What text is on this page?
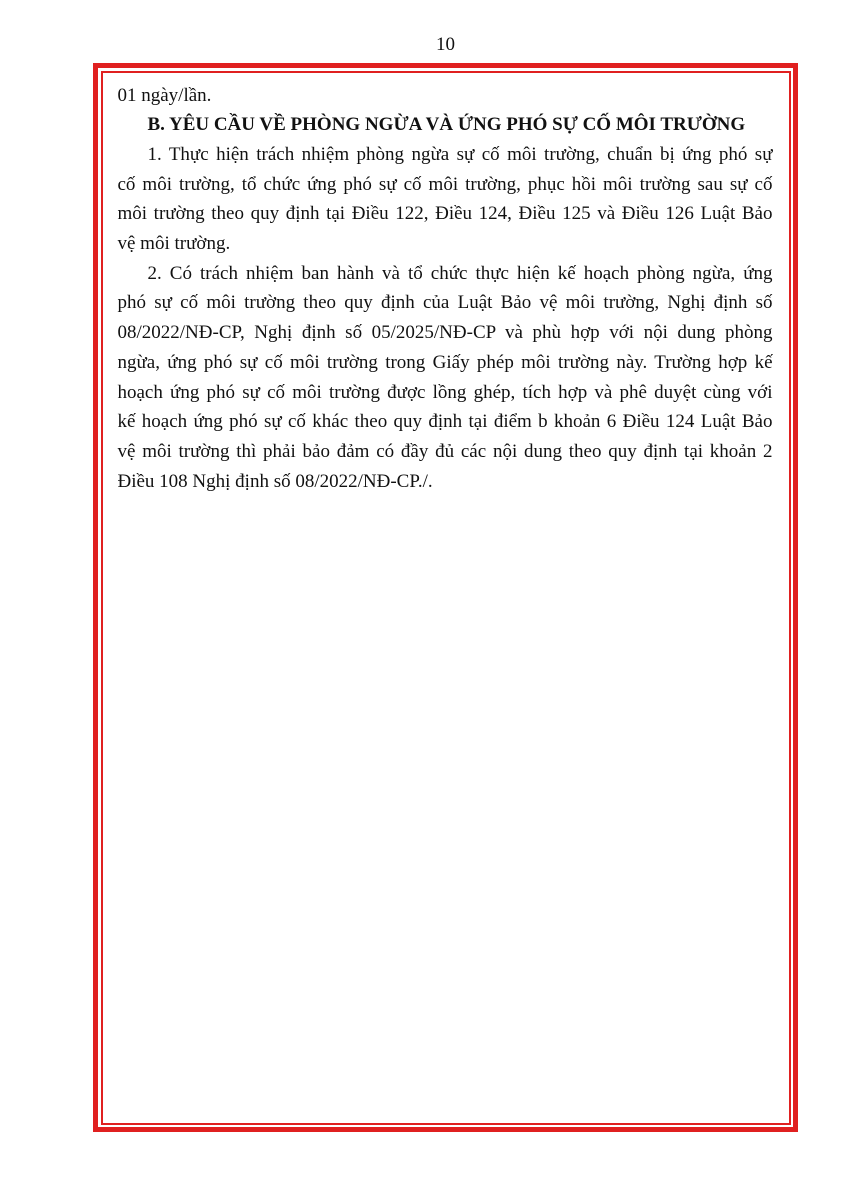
10
01 ngày/lần.
B. YÊU CẦU VỀ PHÒNG NGỪA VÀ ỨNG PHÓ SỰ CỐ MÔI TRƯỜNG
1. Thực hiện trách nhiệm phòng ngừa sự cố môi trường, chuẩn bị ứng phó sự
cố môi trường, tổ chức ứng phó sự cố môi trường, phục hồi môi trường sau sự cố
môi trường theo quy định tại Điều 122, Điều 124, Điều 125 và Điều 126 Luật Bảo
vệ môi trường.
2. Có trách nhiệm ban hành và tổ chức thực hiện kế hoạch phòng ngừa, ứng
phó sự cố môi trường theo quy định của Luật Bảo vệ môi trường, Nghị định số
08/2022/NĐ-CP, Nghị định số 05/2025/NĐ-CP và phù hợp với nội dung phòng
ngừa, ứng phó sự cố môi trường trong Giấy phép môi trường này. Trường hợp kế
hoạch ứng phó sự cố môi trường được lồng ghép, tích hợp và phê duyệt cùng với
kế hoạch ứng phó sự cố khác theo quy định tại điểm b khoản 6 Điều 124 Luật Bảo
vệ môi trường thì phải bảo đảm có đầy đủ các nội dung theo quy định tại khoản 2
Điều 108 Nghị định số 08/2022/NĐ-CP./.
